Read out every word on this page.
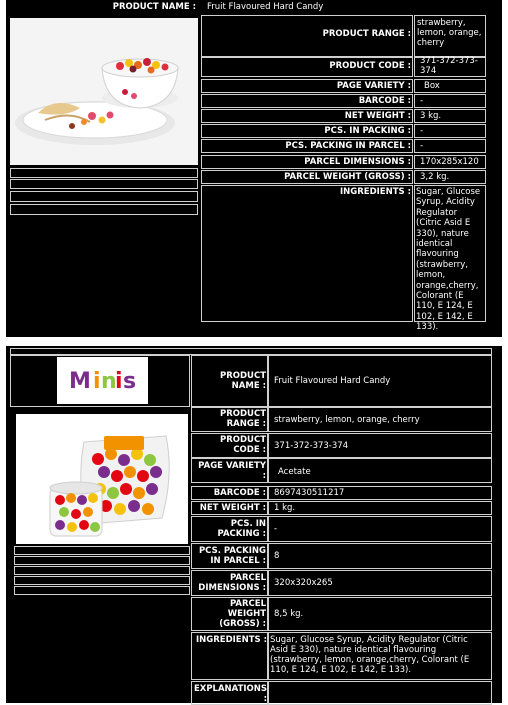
PRODUCT NAME : Fruit Flavoured Hard Candy
PRODUCT RANGE :
strawberry, lemon, orange, cherry
PRODUCT CODE : 371-372-373-374
PAGE VARIETY : Box
BARCODE : -
NET WEIGHT : 3 kg.
PCS. IN PACKING : -
PCS. PACKING IN PARCEL : -
PARCEL DIMENSIONS : 170x285x120
PARCEL WEIGHT (GROSS) : 3,2 kg.
INGREDIENTS : Sugar, Glucose Syrup, Acidity Regulator (Citric Asid E 330), nature identical flavouring (strawberry, lemon, orange,cherry, Colorant (E 110, E 124, E 102, E 142, E 133).
M i n
i s	PRODUCT NAME : Fruit Flavoured Hard Candy
PRODUCT RANGE : strawberry, lemon, orange, cherry
PRODUCT CODE : 371-372-373-374
PAGE VARIETY : Acetate
BARCODE : 8697430511217
NET WEIGHT : 1 kg.
PCS. IN PACKING : -
PCS. PACKING IN PARCEL : 8
PARCEL DIMENSIONS : 320x320x265
PARCEL WEIGHT (GROSS) :
8,5 kg.
INGREDIENTS : Sugar, Glucose Syrup, Acidity Regulator (Citric Asid E 330), nature identical flavouring (strawberry, lemon, orange,cherry, Colorant (E 110, E 124, E 102, E 142, E 133).
EXPLANATIONS :
